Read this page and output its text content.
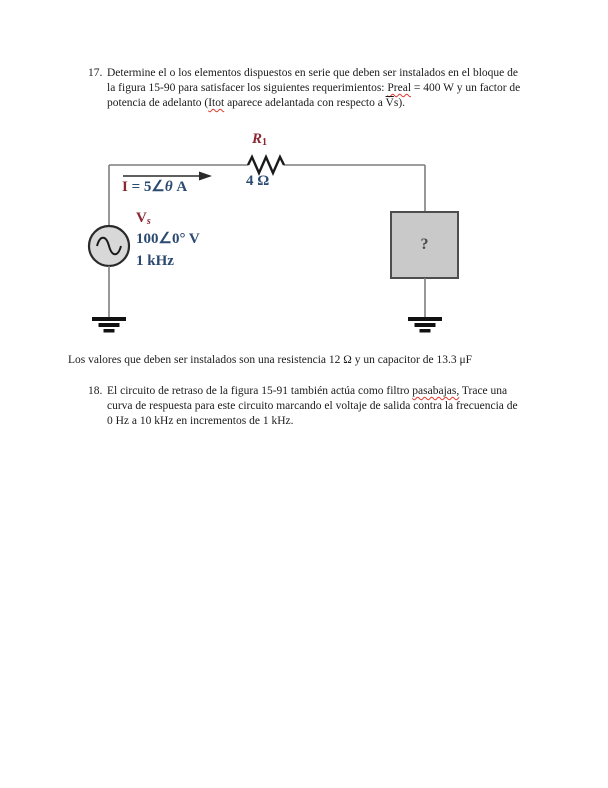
17. Determine el o los elementos dispuestos en serie que deben ser instalados en el bloque de
la figura 15-90 para satisfacer los siguientes requerimientos: Preal = 400 W y un factor de
potencia de adelanto (Itot aparece adelantada con respecto a $\overline{V}s$).
R1
4 Ω
I = 5∠θ A
Vs
100∠0° V
1 kHz
?
Los valores que deben ser instalados son una resistencia 12 Ω y un capacitor de 13.3 μF
18. El circuito de retraso de la figura 15-91 también actúa como filtro pasabajas, Trace una
curva de respuesta para este circuito marcando el voltaje de salida contra la frecuencia de
0 Hz a 10 kHz en incrementos de 1 kHz.
